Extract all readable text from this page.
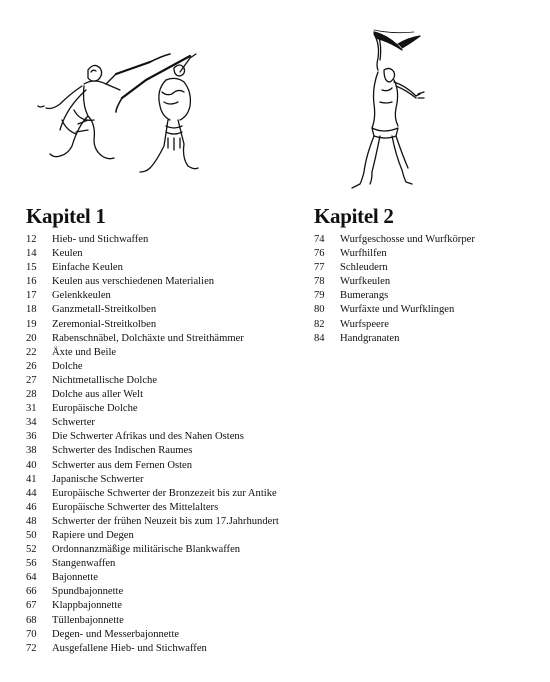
Kapitel 1
12	Hieb- und Stichwaffen
14	Keulen
15	Einfache Keulen
16	Keulen aus verschiedenen Materialien
17	Gelenkkeulen
18	Ganzmetall-Streitkolben
19	Zeremonial-Streitkolben
20	Rabenschnäbel, Dolchäxte und Streithämmer
22	Äxte und Beile
26	Dolche
27	Nichtmetallische Dolche
28	Dolche aus aller Welt
31	Europäische Dolche
34	Schwerter
36	Die Schwerter Afrikas und des Nahen Ostens
38	Schwerter des Indischen Raumes
40	Schwerter aus dem Fernen Osten
41	Japanische Schwerter
44	Europäische Schwerter der Bronzezeit bis zur Antike
46	Europäische Schwerter des Mittelalters
48	Schwerter der frühen Neuzeit bis zum 17.Jahrhundert
50	Rapiere und Degen
52	Ordonnanzmäßige militärische Blankwaffen
56	Stangenwaffen
64	Bajonnette
66	Spundbajonnette
67	Klappbajonnette
68	Tüllenbajonnette
70	Degen- und Messerbajonnette
72	Ausgefallene Hieb- und Stichwaffen
Kapitel 2
74	Wurfgeschosse und Wurfkörper
76	Wurfhilfen
77	Schleudern
78	Wurfkeulen
79	Bumerangs
80	Wurfäxte und Wurfklingen
82	Wurfspeere
84	Handgranaten
